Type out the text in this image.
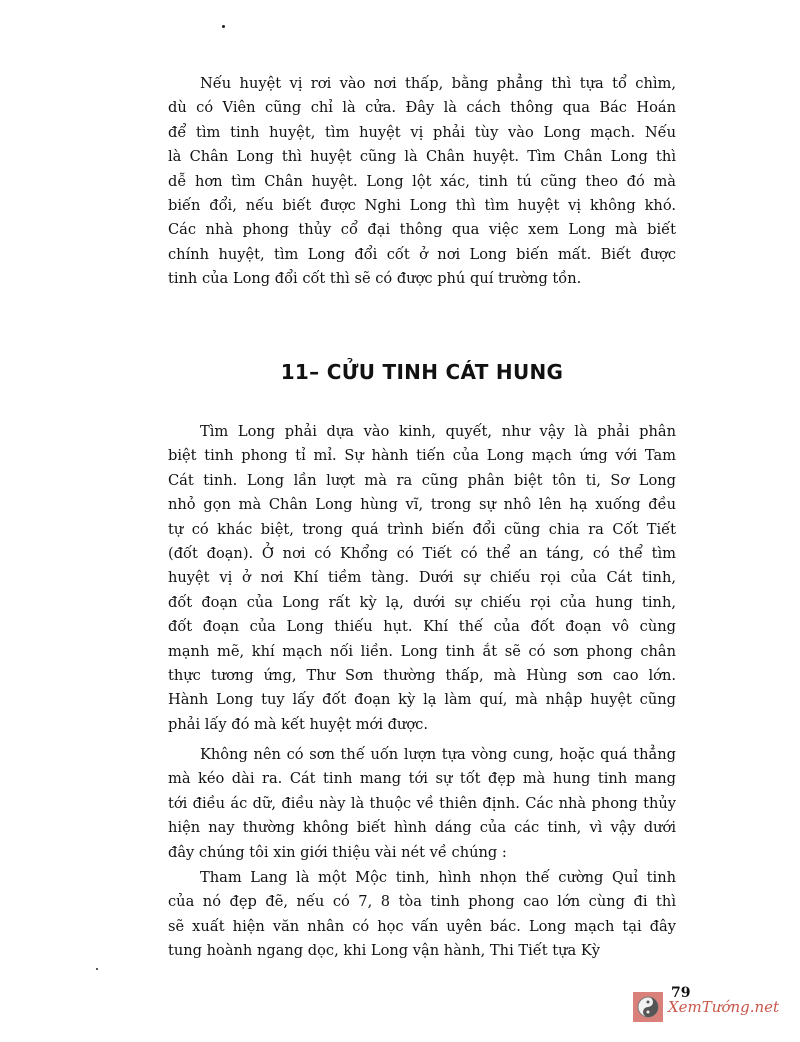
Nếu huyệt vị rơi vào nơi thấp, bằng phẳng thì tựa tổ chìm,
dù có Viên cũng chỉ là cửa. Đây là cách thông qua Bác Hoán
để tìm tinh huyệt, tìm huyệt vị phải tùy vào Long mạch. Nếu
là Chân Long thì huyệt cũng là Chân huyệt. Tìm Chân Long thì
dễ hơn tìm Chân huyệt. Long lột xác, tinh tú cũng theo đó mà
biến đổi, nếu biết được Nghi Long thì tìm huyệt vị không khó.
Các nhà phong thủy cổ đại thông qua việc xem Long mà biết
chính huyệt, tìm Long đổi cốt ở nơi Long biến mất. Biết được
tinh của Long đổi cốt thì sẽ có được phú quí trường tồn.
11– CỬU TINH CÁT HUNG
Tìm Long phải dựa vào kinh, quyết, như vậy là phải phân
biệt tinh phong tỉ mỉ. Sự hành tiến của Long mạch ứng với Tam
Cát tinh. Long lần lượt mà ra cũng phân biệt tôn ti, Sơ Long
nhỏ gọn mà Chân Long hùng vĩ, trong sự nhô lên hạ xuống đều
tự có khác biệt, trong quá trình biến đổi cũng chia ra Cốt Tiết
(đốt đoạn). Ở nơi có Khổng có Tiết có thể an táng, có thể tìm
huyệt vị ở nơi Khí tiềm tàng. Dưới sự chiếu rọi của Cát tinh,
đốt đoạn của Long rất kỳ lạ, dưới sự chiếu rọi của hung tinh,
đốt đoạn của Long thiếu hụt. Khí thế của đốt đoạn vô cùng
mạnh mẽ, khí mạch nối liền. Long tinh ắt sẽ có sơn phong chân
thực tương ứng, Thư Sơn thường thấp, mà Hùng sơn cao lớn.
Hành Long tuy lấy đốt đoạn kỳ lạ làm quí, mà nhập huyệt cũng
phải lấy đó mà kết huyệt mới được.
Không nên có sơn thế uốn lượn tựa vòng cung, hoặc quá thẳng
mà kéo dài ra. Cát tinh mang tới sự tốt đẹp mà hung tinh mang
tới điều ác dữ, điều này là thuộc về thiên định. Các nhà phong thủy
hiện nay thường không biết hình dáng của các tinh, vì vậy dưới
đây chúng tôi xin giới thiệu vài nét về chúng :
Tham Lang là một Mộc tinh, hình nhọn thế cường Quỉ tinh
của nó đẹp đẽ, nếu có 7, 8 tòa tinh phong cao lớn cùng đi thì
sẽ xuất hiện văn nhân có học vấn uyên bác. Long mạch tại đây
tung hoành ngang dọc, khi Long vận hành, Thi Tiết tựa Kỳ
XemTướng.net
79
